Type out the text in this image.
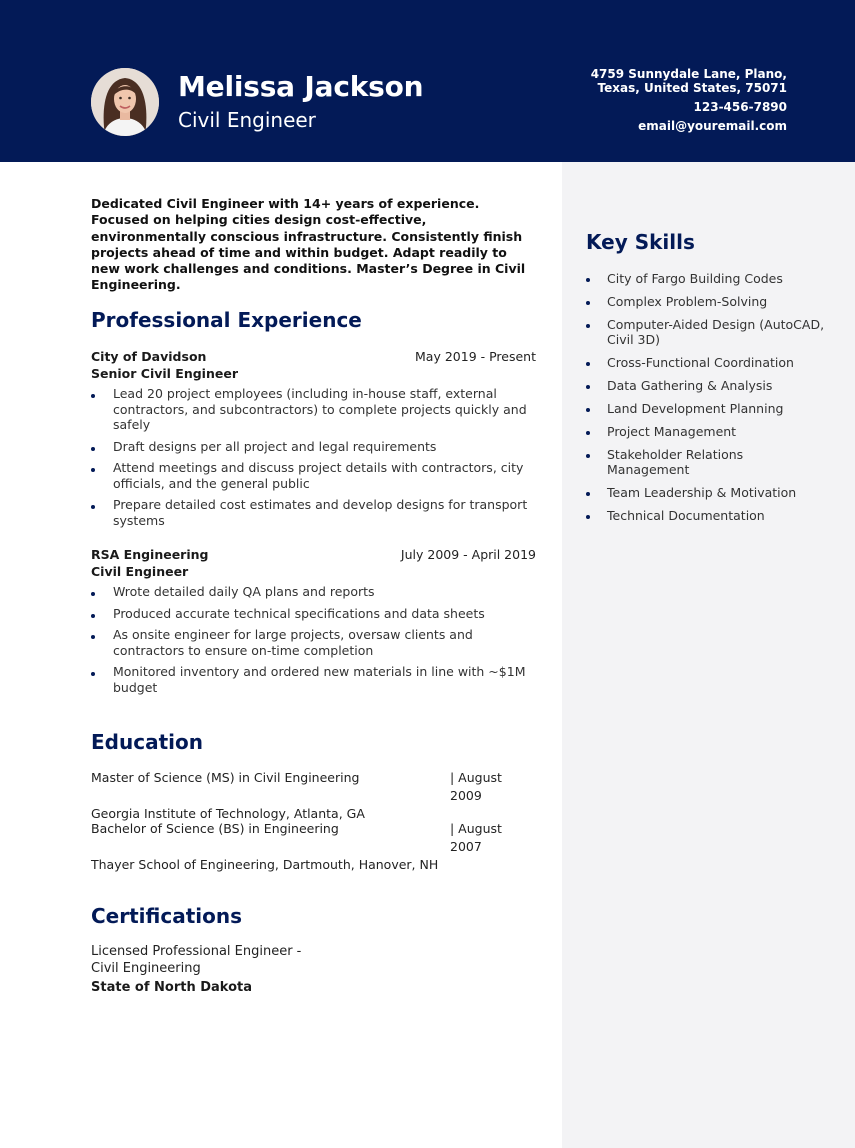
Melissa Jackson
Civil Engineer
4759 Sunnydale Lane, Plano,
Texas, United States, 75071
123-456-7890
email@youremail.com
Key Skills
City of Fargo Building Codes
Complex Problem-Solving
Computer-Aided Design (AutoCAD, Civil 3D)
Cross-Functional Coordination
Data Gathering & Analysis
Land Development Planning
Project Management
Stakeholder Relations Management
Team Leadership & Motivation
Technical Documentation

Dedicated Civil Engineer with 14+ years of experience. Focused on helping cities design cost-effective, environmentally conscious infrastructure. Consistently finish projects ahead of time and within budget. Adapt readily to new work challenges and conditions. Master’s Degree in Civil Engineering.

Professional Experience
City of Davidson	May 2019 - Present
Senior Civil Engineer
Lead 20 project employees (including in-house staff, external contractors, and subcontractors) to complete projects quickly and safely
Draft designs per all project and legal requirements
Attend meetings and discuss project details with contractors, city officials, and the general public
Prepare detailed cost estimates and develop designs for transport systems
RSA Engineering	July 2009 - April 2019
Civil Engineer
Wrote detailed daily QA plans and reports
Produced accurate technical specifications and data sheets
As onsite engineer for large projects, oversaw clients and contractors to ensure on-time completion
Monitored inventory and ordered new materials in line with ~$1M budget
Education
Master of Science (MS) in Civil Engineering	| August 2009
Georgia Institute of Technology, Atlanta, GA
Bachelor of Science (BS) in Engineering	| August 2007
Thayer School of Engineering, Dartmouth, Hanover, NH
Certifications
Licensed Professional Engineer - Civil Engineering
State of North Dakota
